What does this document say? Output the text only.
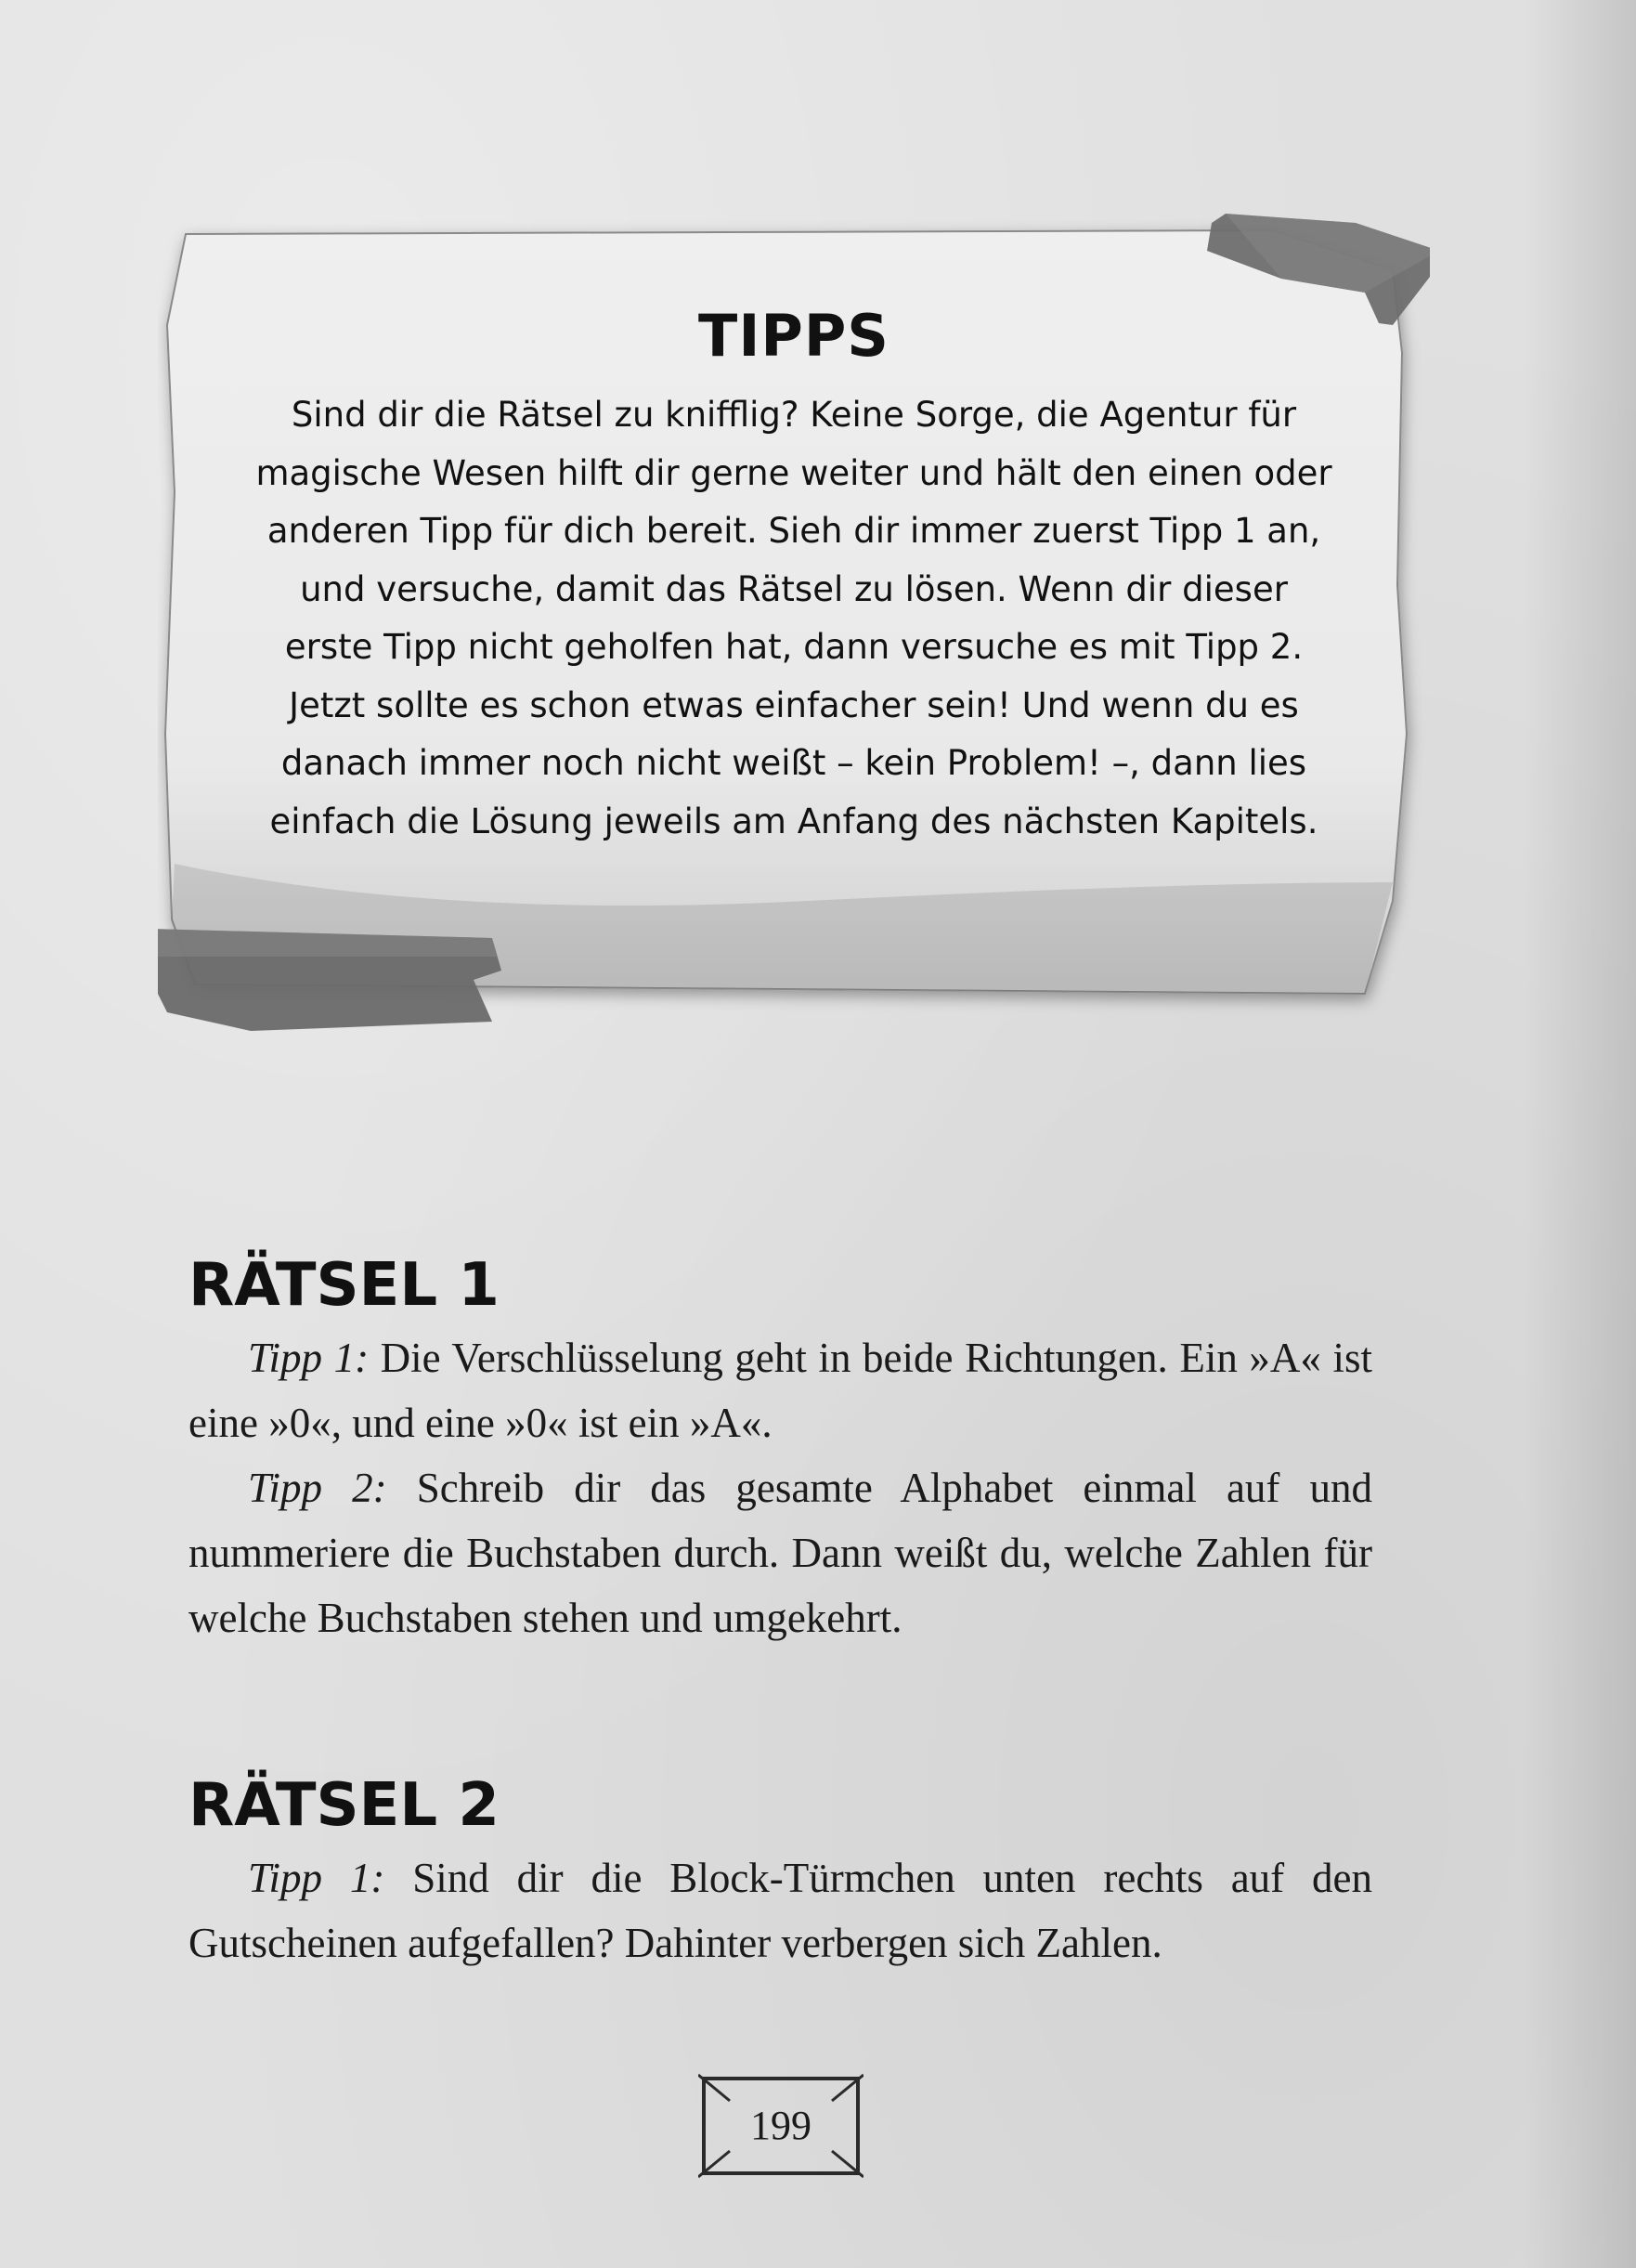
TIPPS
Sind dir die Rätsel zu knifflig? Keine Sorge, die Agentur für magische Wesen hilft dir gerne weiter und hält den einen oder anderen Tipp für dich bereit. Sieh dir immer zuerst Tipp 1 an, und versuche, damit das Rätsel zu lösen. Wenn dir dieser erste Tipp nicht geholfen hat, dann versuche es mit Tipp 2. Jetzt sollte es schon etwas einfacher sein! Und wenn du es danach immer noch nicht weißt – kein Problem! –, dann lies einfach die Lösung jeweils am Anfang des nächsten Kapitels.
RÄTSEL 1

Tipp 1: Die Verschlüsselung geht in beide Richtungen. Ein »A« ist eine »0«, und eine »0« ist ein »A«.

Tipp 2: Schreib dir das gesamte Alphabet einmal auf und nummeriere die Buchstaben durch. Dann weißt du, welche Zahlen für welche Buchstaben stehen und umgekehrt.

RÄTSEL 2

Tipp 1: Sind dir die Block-Türmchen unten rechts auf den Gutscheinen aufgefallen? Dahinter verbergen sich Zahlen.

199
